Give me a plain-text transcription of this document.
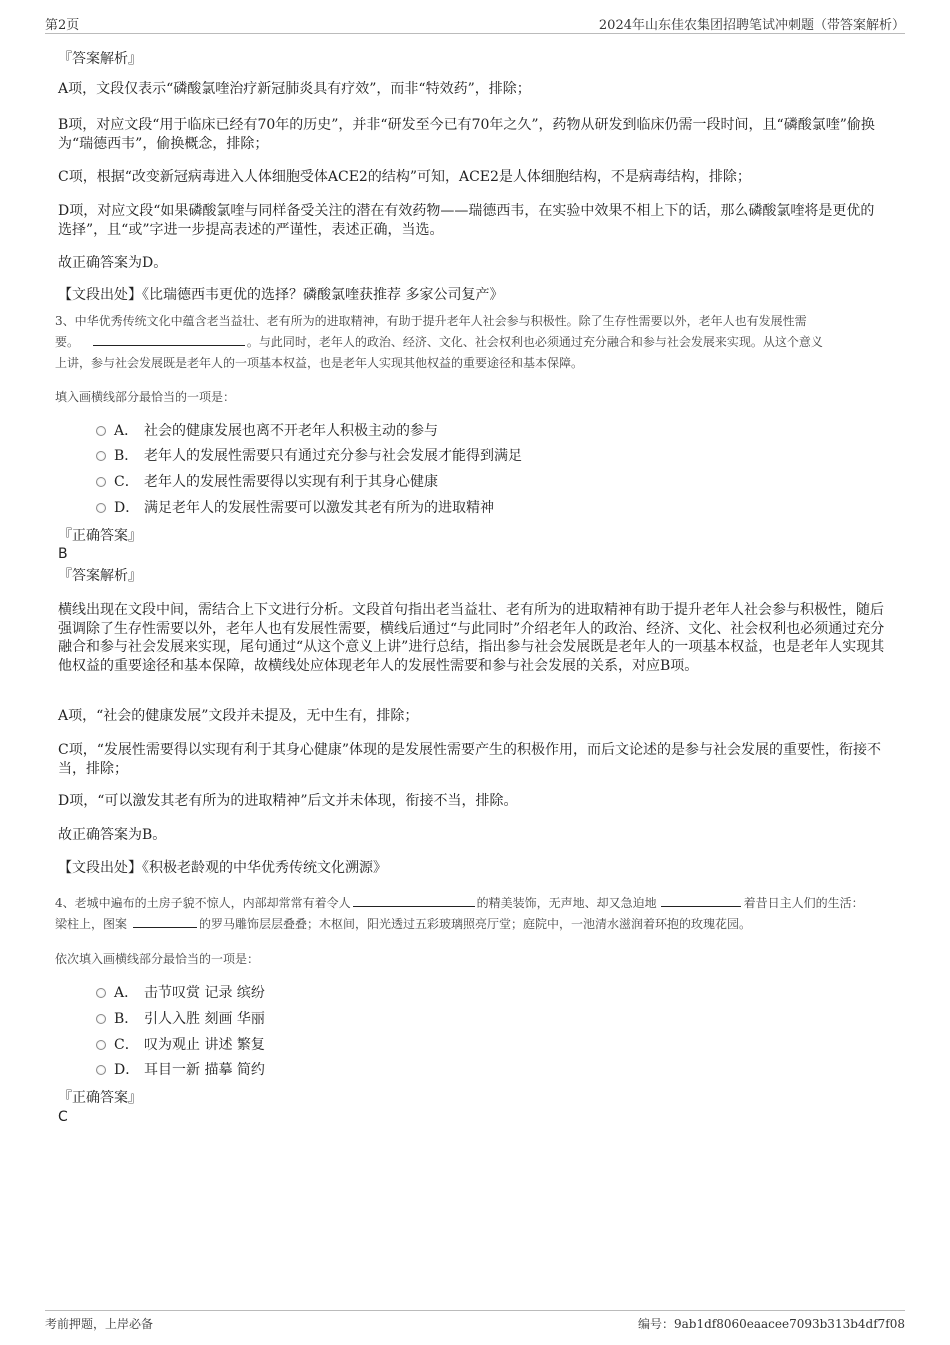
第2页	2024年山东佳农集团招聘笔试冲刺题（带答案解析）
『答案解析』
A项，文段仅表示“磷酸氯喹治疗新冠肺炎具有疗效”，而非“特效药”，排除；
B项，对应文段“用于临床已经有70年的历史”，并非“研发至今已有70年之久”，药物从研发到临床仍需一段时间，且“磷酸氯喹”偷换为“瑞德西韦”，偷换概念，排除；
C项，根据“改变新冠病毒进入人体细胞受体ACE2的结构”可知，ACE2是人体细胞结构，不是病毒结构，排除；
D项，对应文段“如果磷酸氯喹与同样备受关注的潜在有效药物——瑞德西韦，在实验中效果不相上下的话，那么磷酸氯喹将是更优的选择”，且“或”字进一步提高表述的严谨性，表述正确，当选。
故正确答案为D。
【文段出处】《比瑞德西韦更优的选择？磷酸氯喹获推荐 多家公司复产》
3、中华优秀传统文化中蕴含老当益壮、老有所为的进取精神，有助于提升老年人社会参与积极性。除了生存性需要以外，老年人也有发展性需
要。	。与此同时，老年人的政治、经济、文化、社会权利也必须通过充分融合和参与社会发展来实现。从这个意义
上讲，参与社会发展既是老年人的一项基本权益，也是老年人实现其他权益的重要途径和基本保障。
填入画横线部分最恰当的一项是：
A． 社会的健康发展也离不开老年人积极主动的参与
B． 老年人的发展性需要只有通过充分参与社会发展才能得到满足
C． 老年人的发展性需要得以实现有利于其身心健康
D． 满足老年人的发展性需要可以激发其老有所为的进取精神
『正确答案』
B
『答案解析』
横线出现在文段中间，需结合上下文进行分析。文段首句指出老当益壮、老有所为的进取精神有助于提升老年人社会参与积极性，随后强调除了生存性需要以外，老年人也有发展性需要，横线后通过“与此同时”介绍老年人的政治、经济、文化、社会权利也必须通过充分融合和参与社会发展来实现，尾句通过“从这个意义上讲”进行总结，指出参与社会发展既是老年人的一项基本权益，也是老年人实现其他权益的重要途径和基本保障，故横线处应体现老年人的发展性需要和参与社会发展的关系，对应B项。
A项，“社会的健康发展”文段并未提及，无中生有，排除；
C项，“发展性需要得以实现有利于其身心健康”体现的是发展性需要产生的积极作用，而后文论述的是参与社会发展的重要性，衔接不当，排除；
D项，“可以激发其老有所为的进取精神”后文并未体现，衔接不当，排除。
故正确答案为B。
【文段出处】《积极老龄观的中华优秀传统文化溯源》
4、老城中遍布的土房子貌不惊人，内部却常常有着令人	的精美装饰，无声地、却又急迫地	着昔日主人们的生活：
梁柱上，图案	的罗马雕饰层层叠叠；木枢间，阳光透过五彩玻璃照亮厅堂；庭院中，一池清水滋润着环抱的玫瑰花园。
依次填入画横线部分最恰当的一项是：
A． 击节叹赏 记录 缤纷
B． 引人入胜 刻画 华丽
C． 叹为观止 讲述 繁复
D． 耳目一新 描摹 简约
『正确答案』
C
考前押题，上岸必备	编号：9ab1df8060eaacee7093b313b4df7f08
